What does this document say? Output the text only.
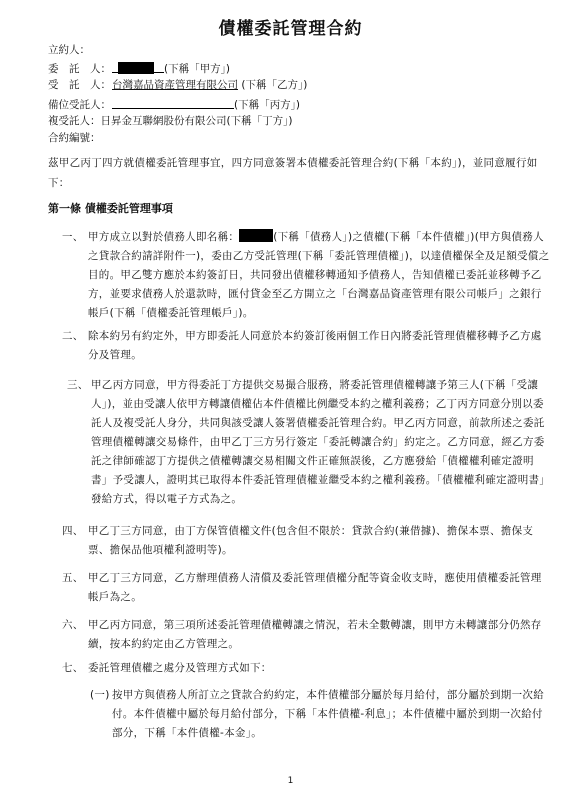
債權委託管理合約
立約人：
委　託　人：	(下稱「甲方」)
受　託　人：台灣嘉品資產管理有限公司 (下稱「乙方」)
備位受託人：	(下稱「丙方」)
複受託人：日昇金互聯網股份有限公司(下稱「丁方」)
合約編號：

茲甲乙丙丁四方就債權委託管理事宜，四方同意簽署本債權委託管理合約(下稱「本約」)，並同意履行如下：

第一條 債權委託管理事項
一、 甲方成立以對於債務人即名稱：	(下稱「債務人」)之債權(下稱「本件債權」)(甲方與債務人之貸款合約請詳附件一)，委由乙方受託管理(下稱「委託管理債權」)，以達債權保全及足額受償之目的。甲乙雙方應於本約簽訂日，共同發出債權移轉通知予債務人，告知債權已委託並移轉予乙方，並要求債務人於還款時，匯付貸金至乙方開立之「台灣嘉品資產管理有限公司帳戶」之銀行帳戶(下稱「債權委託管理帳戶」)。
二、 除本約另有約定外，甲方即委託人同意於本約簽訂後兩個工作日內將委託管理債權移轉予乙方處分及管理。
三、 甲乙丙方同意，甲方得委託丁方提供交易撮合服務，將委託管理債權轉讓予第三人(下稱「受讓人」)，並由受讓人依甲方轉讓債權佔本件債權比例繼受本約之權利義務；乙丁丙方同意分別以委託人及複受託人身分，共同與該受讓人簽署債權委託管理合約。甲乙丙方同意，前款所述之委託管理債權轉讓交易條件，由甲乙丁三方另行簽定「委託轉讓合約」約定之。乙方同意，經乙方委託之律師確認丁方提供之債權轉讓交易相關文件正確無誤後，乙方應發給「債權權利確定證明書」予受讓人，證明其已取得本件委託管理債權並繼受本約之權利義務。「債權權利確定證明書」發給方式，得以電子方式為之。
四、 甲乙丁三方同意，由丁方保管債權文件(包含但不限於：貸款合約(兼借據)、擔保本票、擔保支票、擔保品他項權利證明等)。
五、 甲乙丁三方同意，乙方辦理債務人清償及委託管理債權分配等資金收支時，應使用債權委託管理帳戶為之。
六、 甲乙丙方同意，第三項所述委託管理債權轉讓之情況，若未全數轉讓，則甲方未轉讓部分仍然存續，按本約約定由乙方管理之。
七、 委託管理債權之處分及管理方式如下：
(一) 按甲方與債務人所訂立之貸款合約約定，本件債權部分屬於每月給付，部分屬於到期一次給付。本件債權中屬於每月給付部分，下稱「本件債權-利息」；本件債權中屬於到期一次給付部分，下稱「本件債權-本金」。
1
